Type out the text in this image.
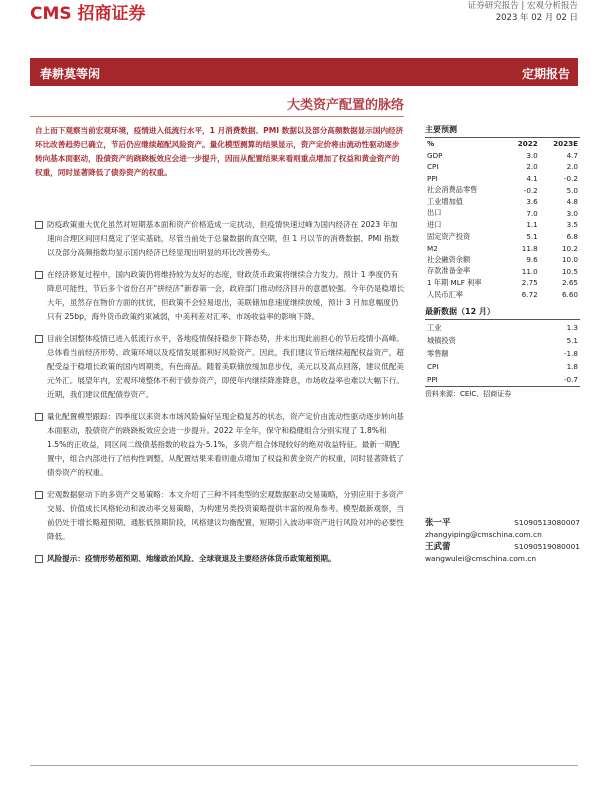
CMS 招商证券	证券研究报告 | 宏观分析报告
2023 年 02 月 02 日
春耕莫等闲	定期报告
大类资产配置的脉络
自上而下观察当前宏观环境，疫情进入低流行水平，1 月消费数据、PMI 数据以及部分高频数据显示国内经济环比改善趋势已确立，节后仍应继续超配风险资产。量化模型测算的结果显示，资产定价将由流动性驱动逐步转向基本面驱动，股债资产的跷跷板效应会进一步提升，因而从配置结果来看则重点增加了权益和黄金资产的权重，同时显著降低了债券资产的权重。
防疫政策重大优化虽然对短期基本面和资产价格造成一定扰动，但疫情快速过峰为国内经济在 2023 年加速向合理区间回归奠定了坚实基础，尽管当前处于总量数据的真空期，但 1 月以节的消费数据、PMI 指数以及部分高频指数均显示国内经济已经显现出明显的环比改善势头。
在经济修复过程中，国内政策仍将维持较为友好的态度，财政货币政策将继续合力发力。预计 1 季度仍有降息可能性，节后多个省份召开“拼经济”新春第一会，政府部门推动经济回升的意愿较强。今年仍是稳增长大年，虽然存在物价方面的扰忧，但政策不会轻易退出，美联储加息速度继续放缓，预计 3 月加息幅度仍只有 25bp，海外货币政策约束减弱，中美利差对汇率、市场收益率的影响下降。
目前全国整体疫情已进入低流行水平，各地疫情保持稳步下降态势，并未出现此前担心的节后疫情小高峰。总体看当前经济形势、政策环境以及疫情发展都利好风险资产。因此，我们建议节后继续超配权益资产，超配受益于稳增长政策的国内周期类，有色商品。随着美联储放缓加息步伐，美元以及高点回落，建议低配美元外汇。展望年内，宏观环境整体不利于债券资产，即使年内继续降准降息，市场收益率也难以大幅下行。近期，我们建议低配债券资产。
量化配置模型跟踪：四季度以来资本市场风险偏好呈现企稳复苏的状态，资产定价由流动性驱动逐步转向基本面驱动，股债资产的跷跷板效应会进一步提升。2022 年全年，保守和稳健组合分别实现了 1.8%和 1.5%的正收益，同区间二级债基指数的收益为-5.1%，多资产组合体现较好的绝对收益特征。最新一期配置中，组合内部进行了结构性调整，从配置结果来看则重点增加了权益和黄金资产的权重，同时显著降低了债券资产的权重。
宏观数据驱动下的多资产交易策略：本文介绍了三种不同类型的宏观数据驱动交易策略，分别应用于多资产交易、价值成长风格轮动和波动率交易策略，为构建另类投资策略提供丰富的视角参考。模型最新观察，当前仍处于增长略超预期、通胀低预期阶段，风格建议均衡配置，短期引入波动率资产进行风险对冲的必要性降低。
风险提示：疫情形势超预期、地缘政治风险、全球衰退及主要经济体货币政策超预期。
主要预测
%	2022	2023E
GDP	3.0	4.7
CPI	2.0	2.0
PPI	4.1	-0.2
社会消费品零售	-0.2	5.0
工业增加值	3.6	4.8
出口	7.0	3.0
进口	1.1	3.5
固定资产投资	5.1	6.8
M2	11.8	10.2
社会融资余额	9.6	10.0
存款准备金率	11.0	10.5
1 年期 MLF 利率	2.75	2.65
人民币汇率	6.72	6.60
最新数据（12 月）
工业	1.3
城镇投资	5.1
零售额	-1.8
CPI	1.8
PPI	-0.7
资料来源：CEIC、招商证券
张一平	S1090513080007
zhangyiping@cmschina.com.cn
王武蕾	S1090519080001
wangwulei@cmschina.com.cn
